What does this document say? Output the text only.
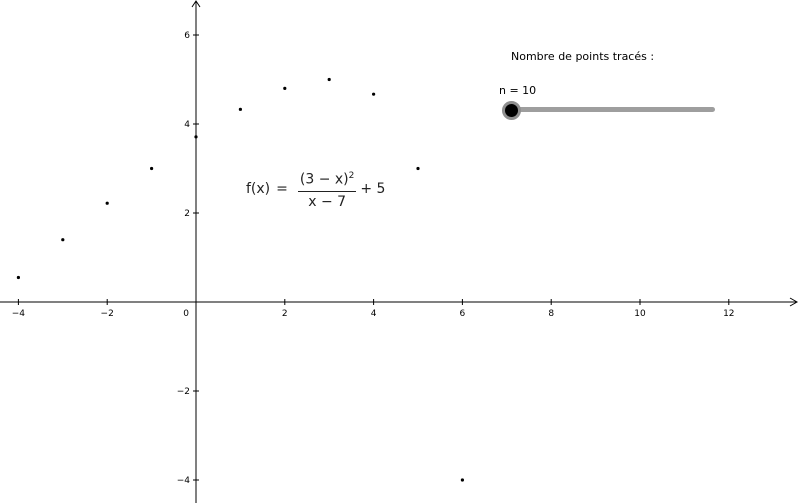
−4	−2	2	4	6	8	10	12
−4
−2
2
4
6
0
$f(x) = \frac{(3 - x)^2}{x - 7} + 5$
Nombre de points tracés :
n = 10
